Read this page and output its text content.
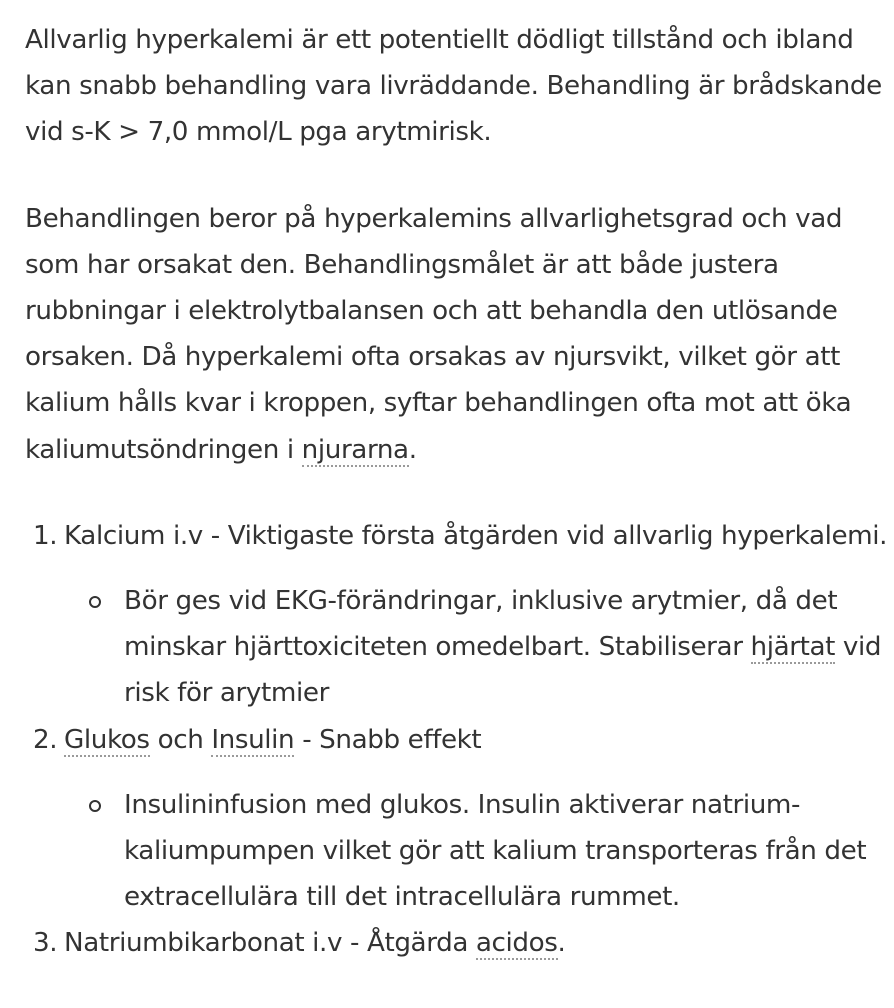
Allvarlig hyperkalemi är ett potentiellt dödligt tillstånd och ibland kan snabb behandling vara livräddande. Behandling är brådskande vid s-K > 7,0 mmol/L pga arytmirisk.

Behandlingen beror på hyperkalemins allvarlighetsgrad och vad som har orsakat den. Behandlingsmålet är att både justera rubbningar i elektrolytbalansen och att behandla den utlösande orsaken. Då hyperkalemi ofta orsakas av njursvikt, vilket gör att kalium hålls kvar i kroppen, syftar behandlingen ofta mot att öka kaliumutsöndringen i njurarna.

1. Kalcium i.v - Viktigaste första åtgärden vid allvarlig hyperkalemi.
Bör ges vid EKG-förändringar, inklusive arytmier, då det minskar hjärttoxiciteten omedelbart. Stabiliserar hjärtat vid risk för arytmier
2. Glukos och Insulin - Snabb effekt
Insulininfusion med glukos. Insulin aktiverar natrium-kaliumpumpen vilket gör att kalium transporteras från det extracellulära till det intracellulära rummet.
3. Natriumbikarbonat i.v - Åtgärda acidos.
